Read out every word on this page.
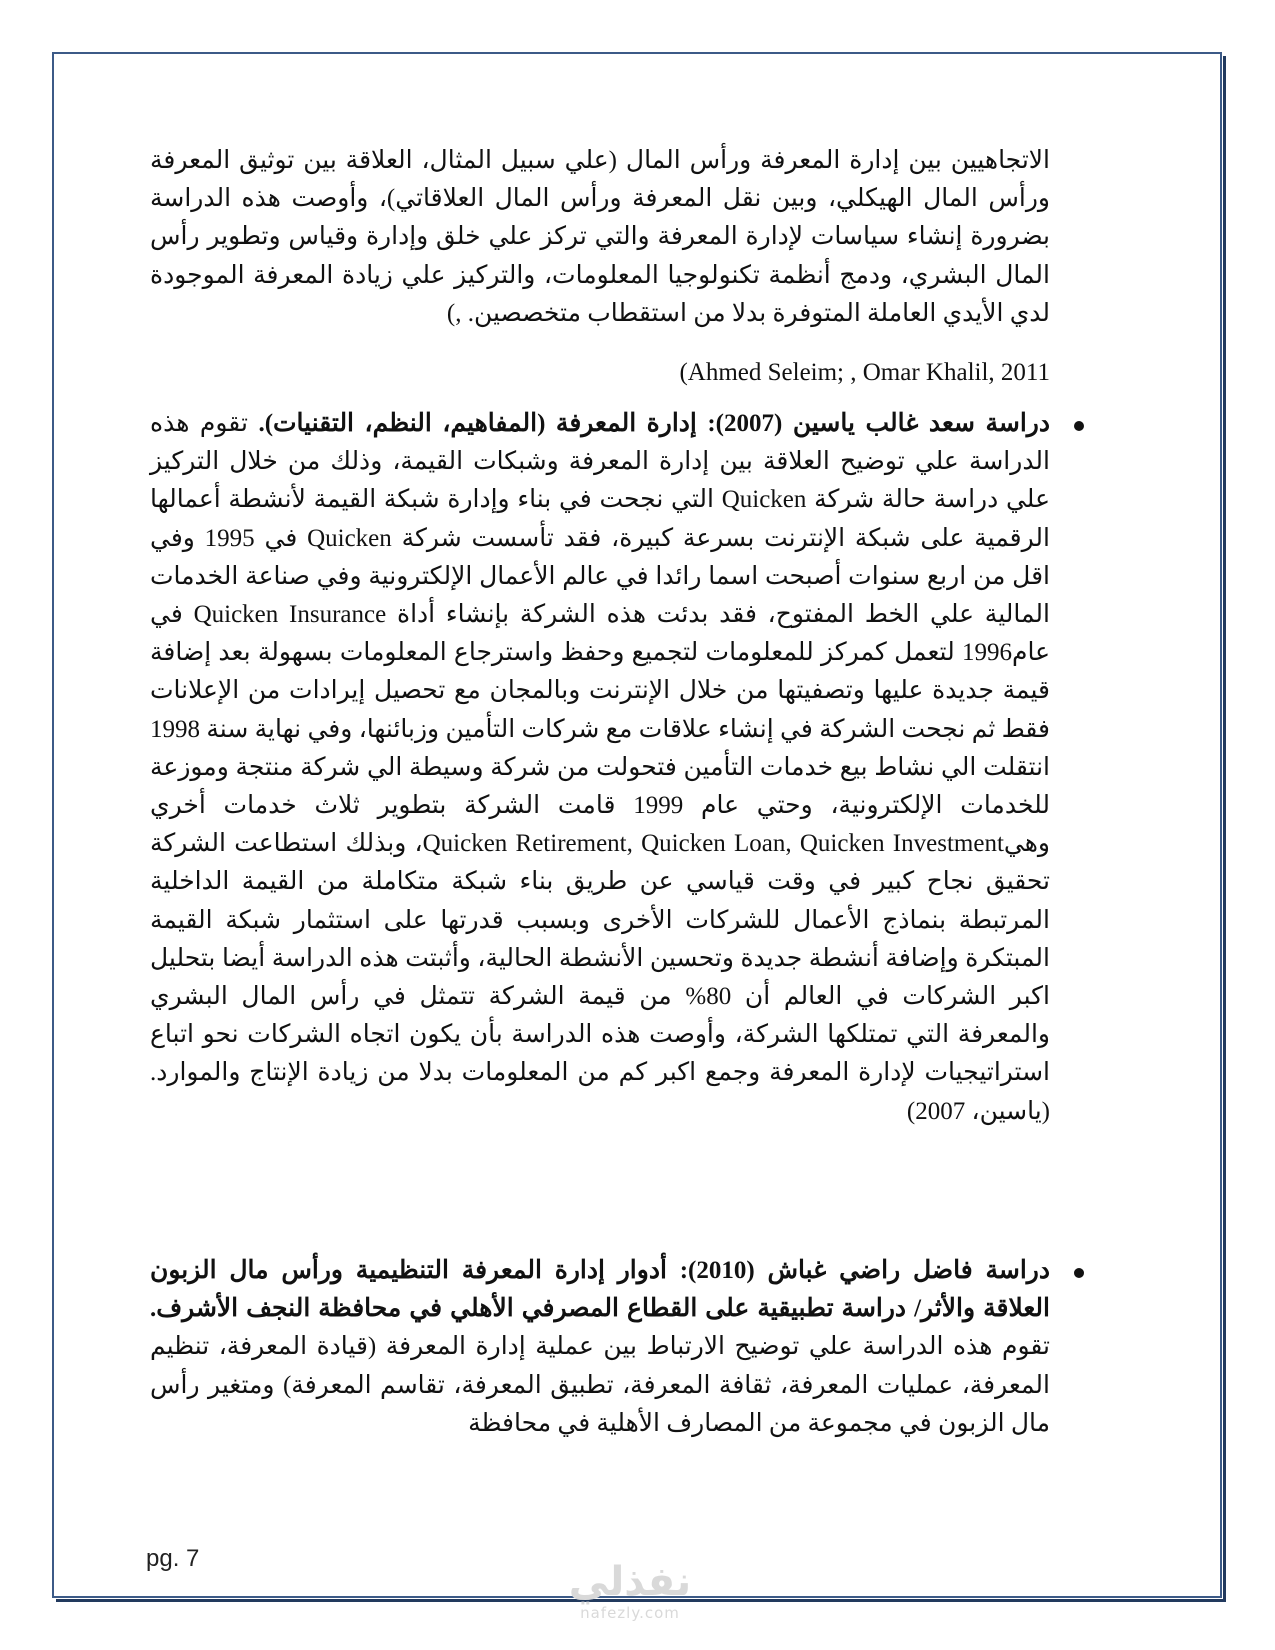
الاتجاهيين بين إدارة المعرفة ورأس المال (علي سبيل المثال، العلاقة بين توثيق المعرفة ورأس المال الهيكلي، وبين نقل المعرفة ورأس المال العلاقاتي)، وأوصت هذه الدراسة بضرورة إنشاء سياسات لإدارة المعرفة والتي تركز علي خلق وإدارة وقياس وتطوير رأس المال البشري، ودمج أنظمة تكنولوجيا المعلومات، والتركيز علي زيادة المعرفة الموجودة لدي الأيدي العاملة المتوفرة بدلا من استقطاب متخصصين. ,)
Ahmed Seleim; , Omar Khalil, 2011)
دراسة سعد غالب ياسين (2007): إدارة المعرفة (المفاهيم، النظم، التقنيات). تقوم هذه الدراسة علي توضيح العلاقة بين إدارة المعرفة وشبكات القيمة، وذلك من خلال التركيز علي دراسة حالة شركة Quicken التي نجحت في بناء وإدارة شبكة القيمة لأنشطة أعمالها الرقمية على شبكة الإنترنت بسرعة كبيرة، فقد تأسست شركة Quicken في 1995 وفي اقل من اربع سنوات أصبحت اسما رائدا في عالم الأعمال الإلكترونية وفي صناعة الخدمات المالية علي الخط المفتوح، فقد بدئت هذه الشركة بإنشاء أداة Quicken Insurance في عام1996 لتعمل كمركز للمعلومات لتجميع وحفظ واسترجاع المعلومات بسهولة بعد إضافة قيمة جديدة عليها وتصفيتها من خلال الإنترنت وبالمجان مع تحصيل إيرادات من الإعلانات فقط ثم نجحت الشركة في إنشاء علاقات مع شركات التأمين وزبائنها، وفي نهاية سنة 1998 انتقلت الي نشاط بيع خدمات التأمين فتحولت من شركة وسيطة الي شركة منتجة وموزعة للخدمات الإلكترونية، وحتي عام 1999 قامت الشركة بتطوير ثلاث خدمات أخري وهيQuicken Retirement, Quicken Loan, Quicken Investment، وبذلك استطاعت الشركة تحقيق نجاح كبير في وقت قياسي عن طريق بناء شبكة متكاملة من القيمة الداخلية المرتبطة بنماذج الأعمال للشركات الأخرى وبسبب قدرتها على استثمار شبكة القيمة المبتكرة وإضافة أنشطة جديدة وتحسين الأنشطة الحالية، وأثبتت هذه الدراسة أيضا بتحليل اكبر الشركات في العالم أن 80% من قيمة الشركة تتمثل في رأس المال البشري والمعرفة التي تمتلكها الشركة، وأوصت هذه الدراسة بأن يكون اتجاه الشركات نحو اتباع استراتيجيات لإدارة المعرفة وجمع اكبر كم من المعلومات بدلا من زيادة الإنتاج والموارد. (ياسين، 2007)
دراسة فاضل راضي غباش (2010): أدوار إدارة المعرفة التنظيمية ورأس مال الزبون العلاقة والأثر/ دراسة تطبيقية على القطاع المصرفي الأهلي في محافظة النجف الأشرف. تقوم هذه الدراسة علي توضيح الارتباط بين عملية إدارة المعرفة (قيادة المعرفة، تنظيم المعرفة، عمليات المعرفة، ثقافة المعرفة، تطبيق المعرفة، تقاسم المعرفة) ومتغير رأس مال الزبون في مجموعة من المصارف الأهلية في محافظة
pg. 7
نفذلي
nafezly.com
